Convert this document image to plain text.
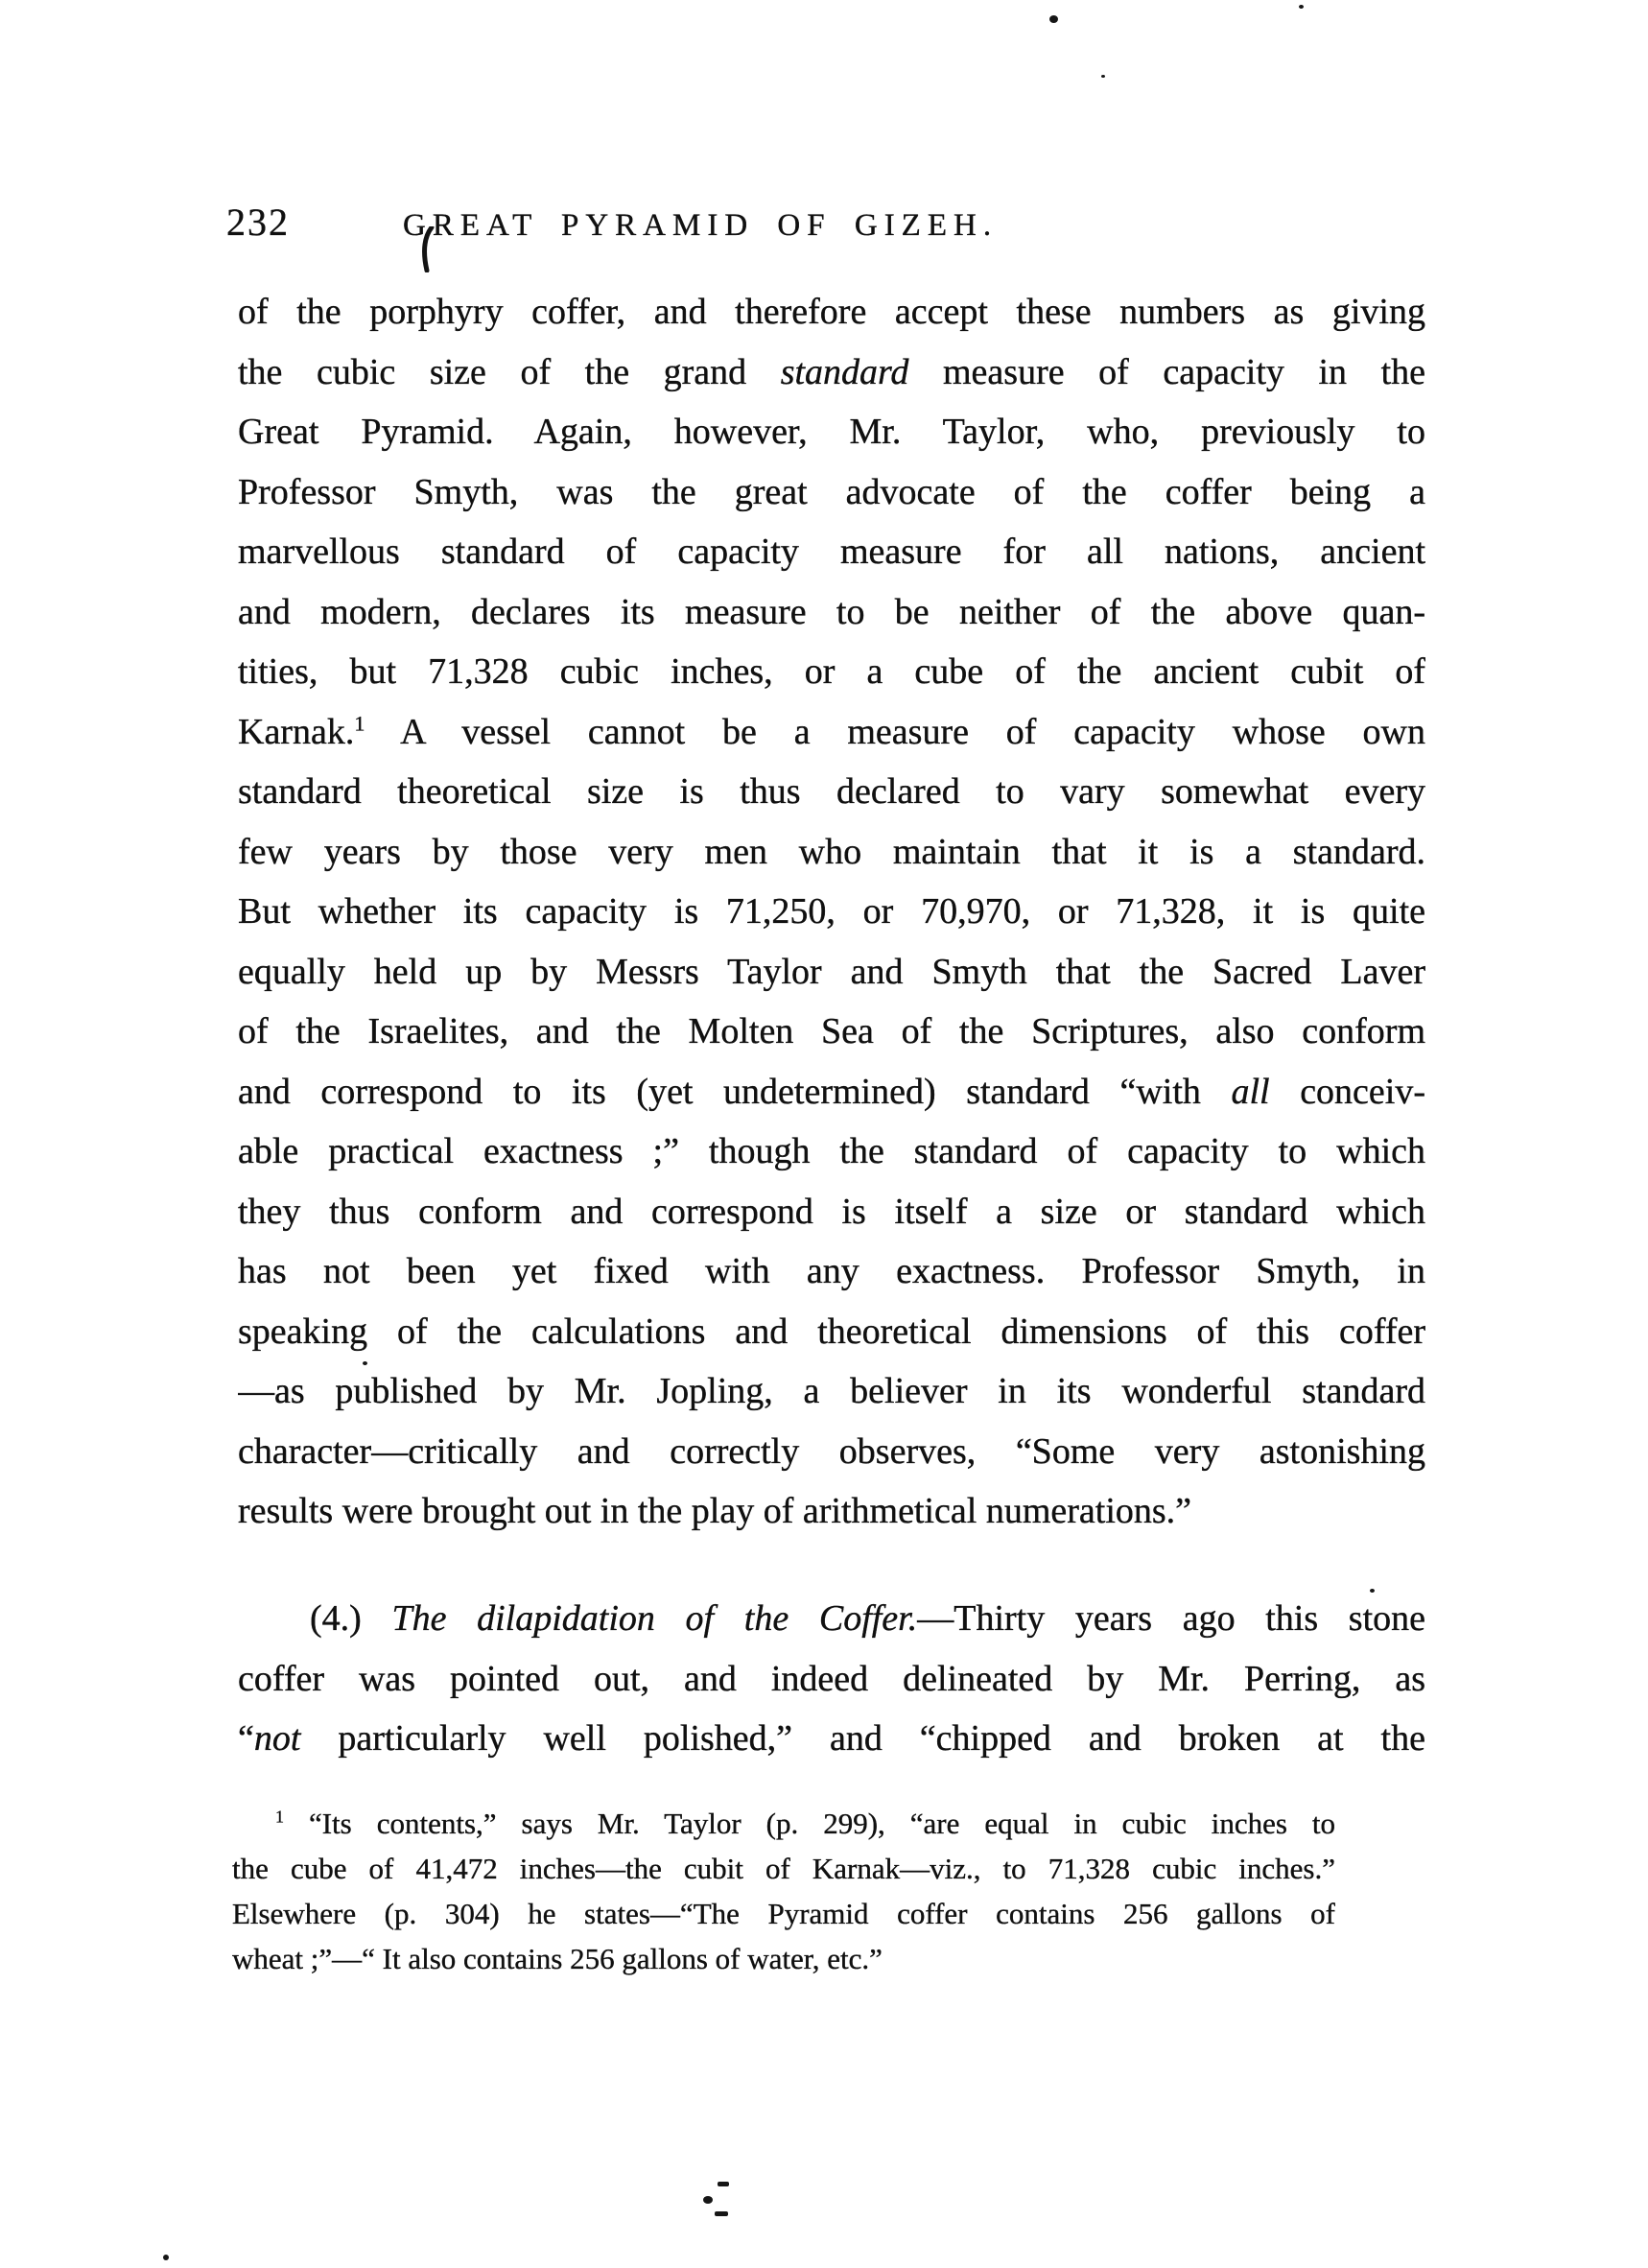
232	GREAT PYRAMID OF GIZEH.
of the porphyry coffer, and therefore accept these numbers as giving
the cubic size of the grand standard measure of capacity in the
Great Pyramid. Again, however, Mr. Taylor, who, previously to
Professor Smyth, was the great advocate of the coffer being a
marvellous standard of capacity measure for all nations, ancient
and modern, declares its measure to be neither of the above quan-
tities, but 71,328 cubic inches, or a cube of the ancient cubit of
Karnak.$^1$ A vessel cannot be a measure of capacity whose own
standard theoretical size is thus declared to vary somewhat every
few years by those very men who maintain that it is a standard.
But whether its capacity is 71,250, or 70,970, or 71,328, it is quite
equally held up by Messrs Taylor and Smyth that the Sacred Laver
of the Israelites, and the Molten Sea of the Scriptures, also conform
and correspond to its (yet undetermined) standard “with all conceiv-
able practical exactness ;” though the standard of capacity to which
they thus conform and correspond is itself a size or standard which
has not been yet fixed with any exactness. Professor Smyth, in
speaking of the calculations and theoretical dimensions of this coffer
—as published by Mr. Jopling, a believer in its wonderful standard
character—critically and correctly observes, “Some very astonishing
results were brought out in the play of arithmetical numerations.”
(4.) The dilapidation of the Coffer.—Thirty years ago this stone
coffer was pointed out, and indeed delineated by Mr. Perring, as
“not particularly well polished,” and “chipped and broken at the
$^1$ “Its contents,” says Mr. Taylor (p. 299), “are equal in cubic inches to
the cube of 41,472 inches—the cubit of Karnak—viz., to 71,328 cubic inches.”
Elsewhere (p. 304) he states—“The Pyramid coffer contains 256 gallons of
wheat ;”—“ It also contains 256 gallons of water, etc.”
